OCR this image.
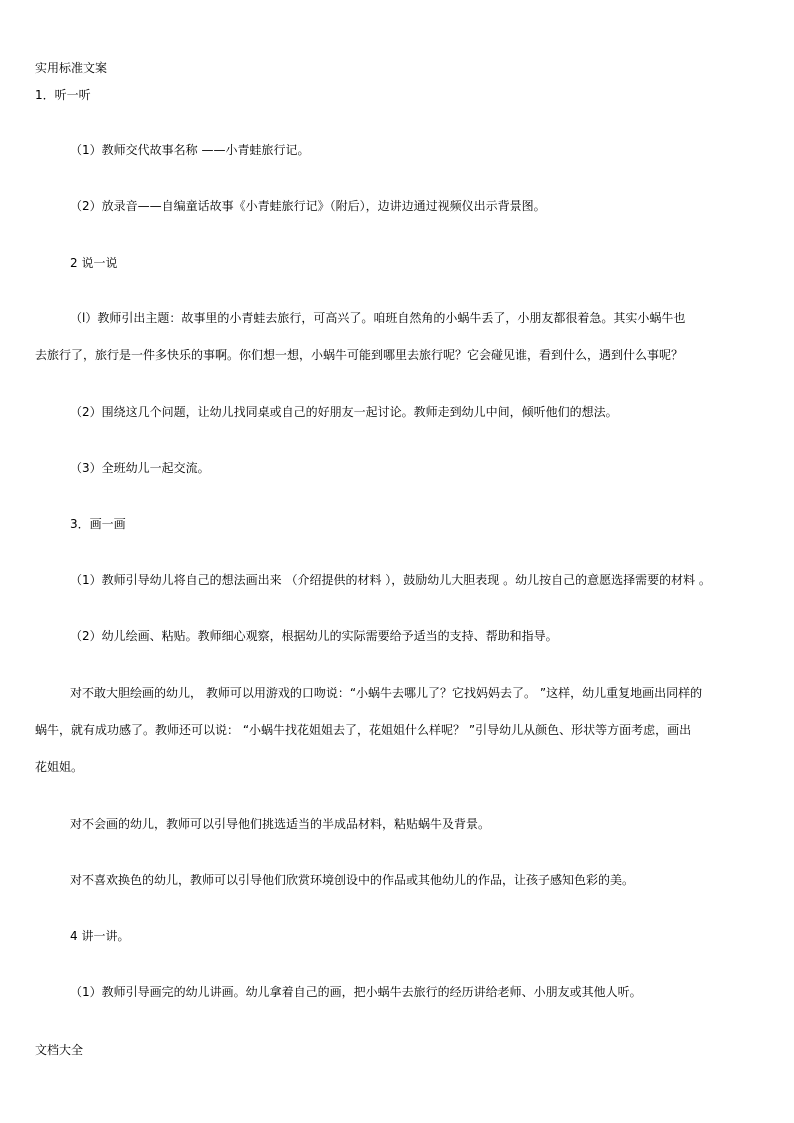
实用标准文案
1．听一听
（1）教师交代故事名称 ——小青蛙旅行记。
（2）放录音——自编童话故事《小青蛙旅行记》（附后），边讲边通过视频仪出示背景图。
2 说一说
（l）教师引出主题：故事里的小青蛙去旅行，可高兴了。咱班自然角的小蜗牛丢了，小朋友都很着急。其实小蜗牛也
去旅行了，旅行是一件多快乐的事啊。你们想一想，小蜗牛可能到哪里去旅行呢？它会碰见谁，看到什么，遇到什么事呢？
（2）围绕这几个问题，让幼儿找同桌或自己的好朋友一起讨论。教师走到幼儿中间，倾听他们的想法。
（3）全班幼儿一起交流。
3．画一画
（1）教师引导幼儿将自己的想法画出来 （介绍提供的材料 ），鼓励幼儿大胆表现 。幼儿按自己的意愿选择需要的材料 。
（2）幼儿绘画、粘贴。教师细心观察，根据幼儿的实际需要给予适当的支持、帮助和指导。
对不敢大胆绘画的幼儿， 教师可以用游戏的口吻说：“小蜗牛去哪儿了？它找妈妈去了。 ”这样，幼儿重复地画出同样的
蜗牛，就有成功感了。教师还可以说： “小蜗牛找花姐姐去了，花姐姐什么样呢？ ”引导幼儿从颜色、形状等方面考虑，画出
花姐姐。
对不会画的幼儿，教师可以引导他们挑选适当的半成品材料，粘贴蜗牛及背景。
对不喜欢换色的幼儿，教师可以引导他们欣赏环境创设中的作品或其他幼儿的作品，让孩子感知色彩的美。
4 讲一讲。
（1）教师引导画完的幼儿讲画。幼儿拿着自己的画，把小蜗牛去旅行的经历讲给老师、小朋友或其他人听。
文档大全
